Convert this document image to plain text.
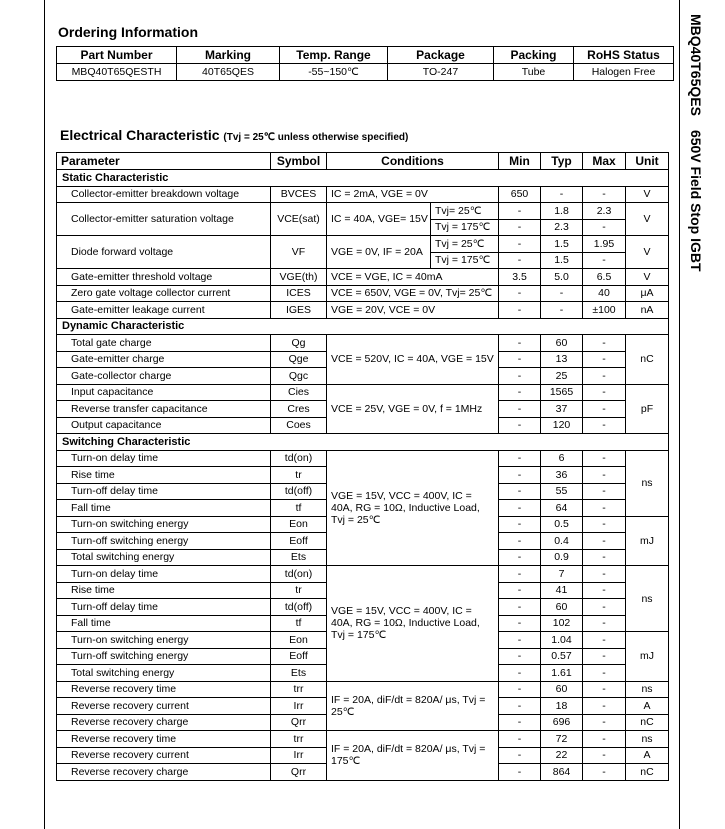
MBQ40T65QES650V Field Stop IGBT
Ordering Information
Part Number	Marking	Temp. Range	Package	Packing	RoHS Status
MBQ40T65QESTH	40T65QES	-55~150℃	TO-247	Tube	Halogen Free
Electrical Characteristic (Tvj = 25℃ unless otherwise specified)
Parameter	Symbol	Conditions		Min	Typ	Max	Unit
Static Characteristic							
Collector-emitter breakdown voltage	BVCES	IC = 2mA, VGE = 0V		650	-	-	V
Collector-emitter saturation voltage	VCE(sat)	IC = 40A, VGE= 15V	Tvj= 25℃	-	1.8	2.3	V
			Tvj = 175℃	-	2.3	-	
Diode forward voltage	VF	VGE = 0V, IF = 20A	Tvj = 25℃	-	1.5	1.95	V
			Tvj = 175℃	-	1.5	-	
Gate-emitter threshold voltage	VGE(th)	VCE = VGE, IC = 40mA		3.5	5.0	6.5	V
Zero gate voltage collector current	ICES	VCE = 650V, VGE = 0V, Tvj= 25℃		-	-	40	μA
Gate-emitter leakage current	IGES	VGE = 20V, VCE = 0V		-	-	±100	nA
Dynamic Characteristic							
Total gate charge	Qg	VCE = 520V, IC = 40A, VGE = 15V		-	60	-	nC
Gate-emitter charge	Qge			-	13	-	
Gate-collector charge	Qgc			-	25	-	
Input capacitance	Cies	VCE = 25V, VGE = 0V, f = 1MHz		-	1565	-	pF
Reverse transfer capacitance	Cres			-	37	-	
Output capacitance	Coes			-	120	-	
Switching Characteristic							
Turn-on delay time	td(on)	VGE = 15V, VCC = 400V, IC = 40A, RG = 10Ω, Inductive Load, Tvj = 25℃		-	6	-	ns
Rise time	tr			-	36	-	
Turn-off delay time	td(off)			-	55	-	
Fall time	tf			-	64	-	
Turn-on switching energy	Eon			-	0.5	-	mJ
Turn-off switching energy	Eoff			-	0.4	-	
Total switching energy	Ets			-	0.9	-	
Turn-on delay time	td(on)	VGE = 15V, VCC = 400V, IC = 40A, RG = 10Ω, Inductive Load, Tvj = 175℃		-	7	-	ns
Rise time	tr			-	41	-	
Turn-off delay time	td(off)			-	60	-	
Fall time	tf			-	102	-	
Turn-on switching energy	Eon			-	1.04	-	mJ
Turn-off switching energy	Eoff			-	0.57	-	
Total switching energy	Ets			-	1.61	-	
Reverse recovery time	trr	IF = 20A, diF/dt = 820A/ μs, Tvj = 25℃		-	60	-	ns
Reverse recovery current	Irr			-	18	-	A
Reverse recovery charge	Qrr			-	696	-	nC
Reverse recovery time	trr	IF = 20A, diF/dt = 820A/ μs, Tvj = 175℃		-	72	-	ns
Reverse recovery current	Irr			-	22	-	A
Reverse recovery charge	Qrr			-	864	-	nC
